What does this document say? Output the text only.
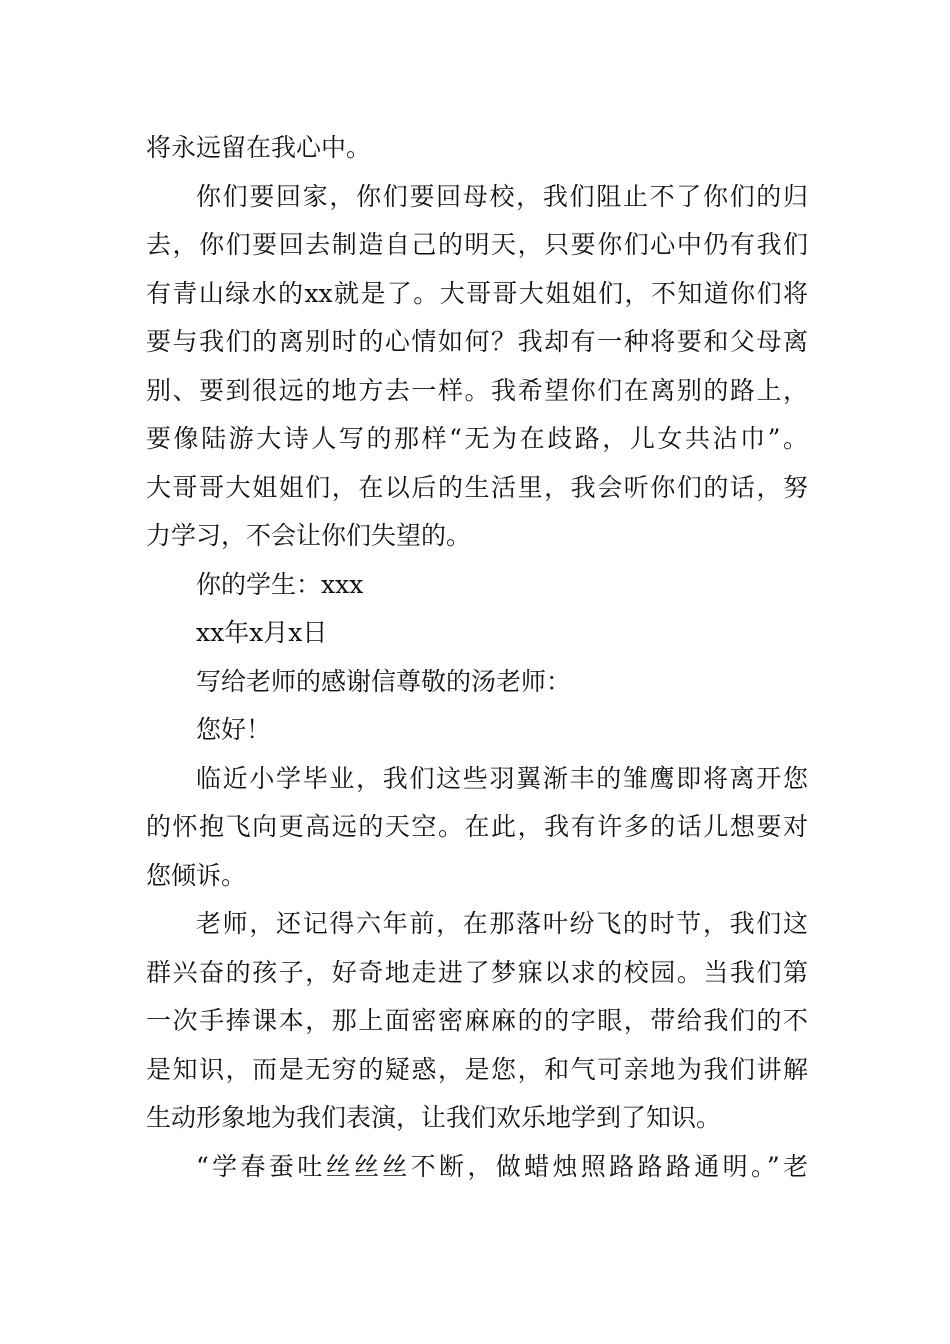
将永远留在我心中。
你们要回家，你们要回母校，我们阻止不了你们的归
去，你们要回去制造自己的明天，只要你们心中仍有我们
有青山绿水的xx就是了。大哥哥大姐姐们，不知道你们将
要与我们的离别时的心情如何？我却有一种将要和父母离
别、要到很远的地方去一样。我希望你们在离别的路上，
要像陆游大诗人写的那样“无为在歧路，儿女共沾巾”。
大哥哥大姐姐们，在以后的生活里，我会听你们的话，努
力学习，不会让你们失望的。
你的学生：xxx
xx年x月x日
写给老师的感谢信尊敬的汤老师：
您好！
临近小学毕业，我们这些羽翼渐丰的雏鹰即将离开您
的怀抱飞向更高远的天空。在此，我有许多的话儿想要对
您倾诉。
老师，还记得六年前，在那落叶纷飞的时节，我们这
群兴奋的孩子，好奇地走进了梦寐以求的校园。当我们第
一次手捧课本，那上面密密麻麻的的字眼，带给我们的不
是知识，而是无穷的疑惑，是您，和气可亲地为我们讲解
生动形象地为我们表演，让我们欢乐地学到了知识。
“学春蚕吐丝丝丝不断，做蜡烛照路路路通明。”老
